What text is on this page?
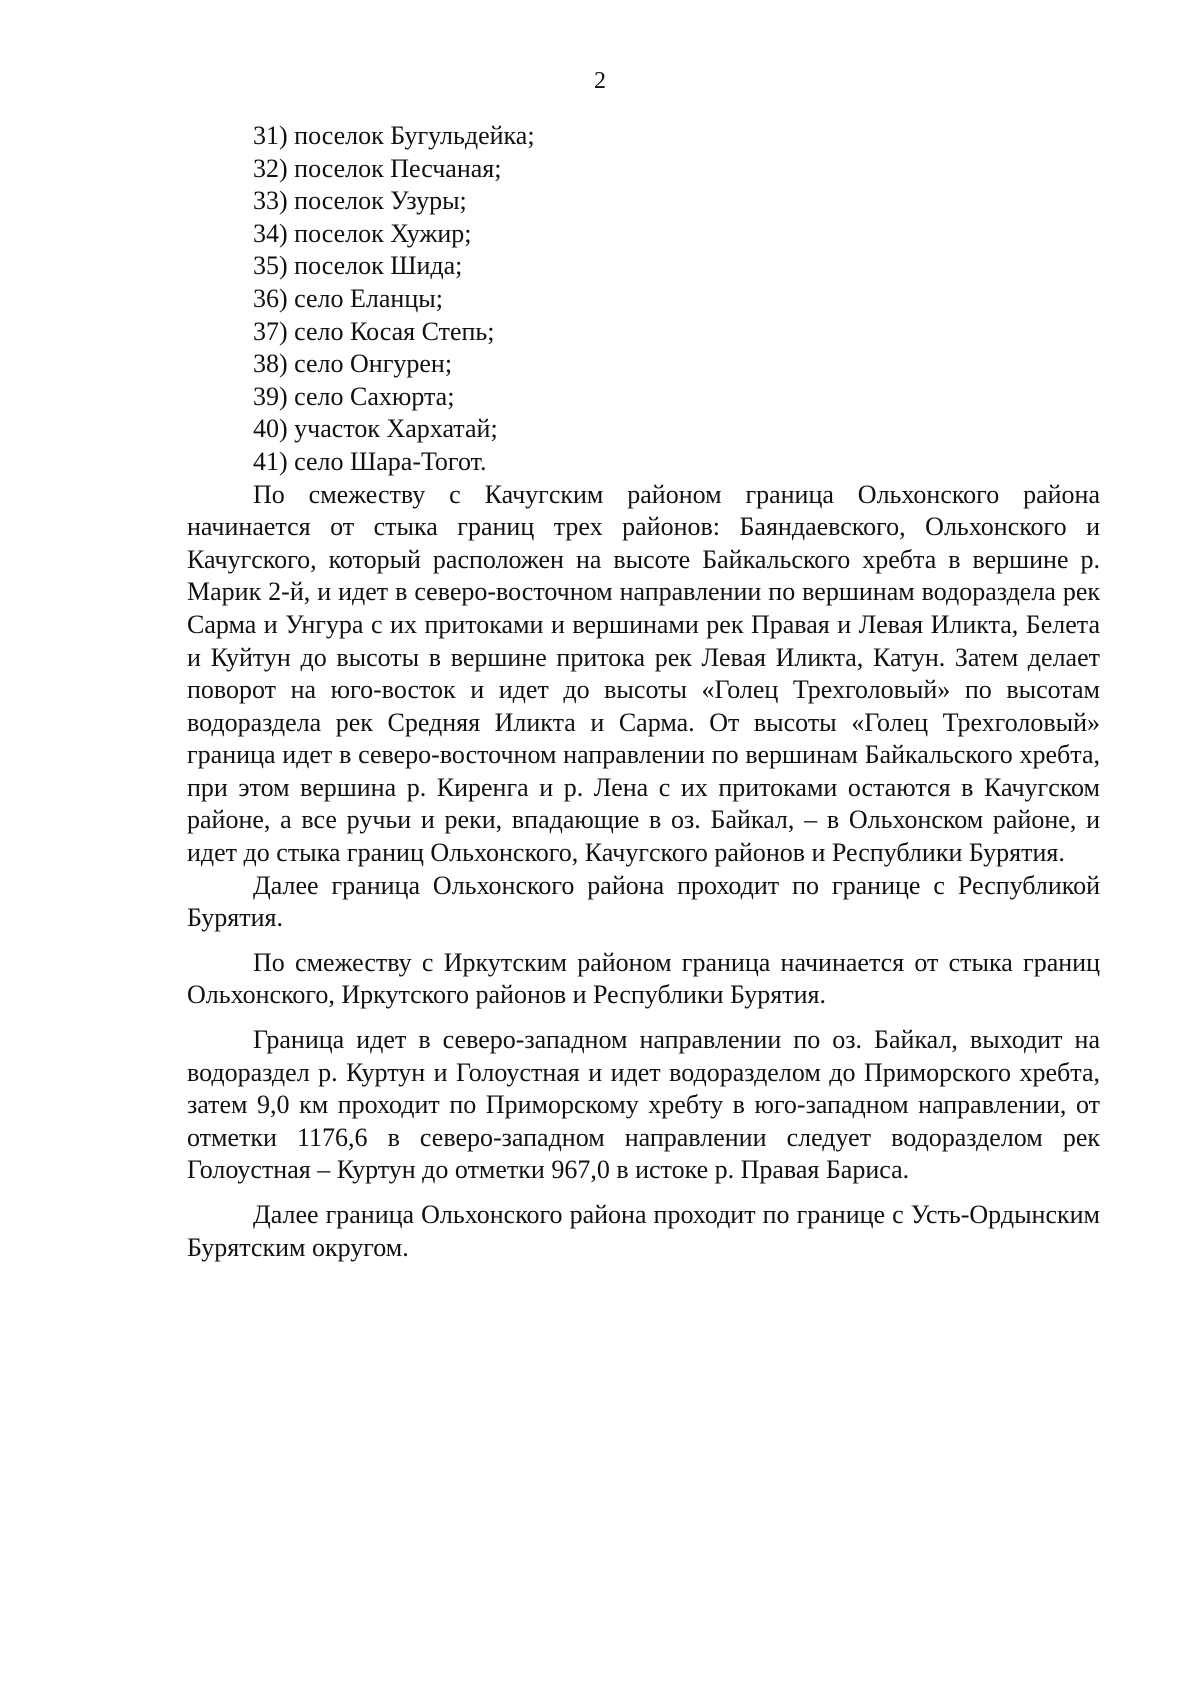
2
31) поселок Бугульдейка;
32) поселок Песчаная;
33) поселок Узуры;
34) поселок Хужир;
35) поселок Шида;
36) село Еланцы;
37) село Косая Степь;
38) село Онгурен;
39) село Сахюрта;
40) участок Хархатай;
41) село Шара-Тогот.

По смежеству с Качугским районом граница Ольхонского района начинается от стыка границ трех районов: Баяндаевского, Ольхонского и Качугского, который расположен на высоте Байкальского хребта в вершине р. Марик 2-й, и идет в северо-восточном направлении по вершинам водораздела рек Сарма и Унгура с их притоками и вершинами рек Правая и Левая Иликта, Белета и Куйтун до высоты в вершине притока рек Левая Иликта, Катун. Затем делает поворот на юго-восток и идет до высоты «Голец Трехголовый» по высотам водораздела рек Средняя Иликта и Сарма. От высоты «Голец Трехголовый» граница идет в северо-восточном направлении по вершинам Байкальского хребта, при этом вершина р. Киренга и р. Лена с их притоками остаются в Качугском районе, а все ручьи и реки, впадающие в оз. Байкал, – в Ольхонском районе, и идет до стыка границ Ольхонского, Качугского районов и Республики Бурятия.

Далее граница Ольхонского района проходит по границе с Республикой Бурятия.

По смежеству с Иркутским районом граница начинается от стыка границ Ольхонского, Иркутского районов и Республики Бурятия.

Граница идет в северо-западном направлении по оз. Байкал, выходит на водораздел р. Куртун и Голоустная и идет водоразделом до Приморского хребта, затем 9,0 км проходит по Приморскому хребту в юго-западном направлении, от отметки 1176,6 в северо-западном направлении следует водоразделом рек Голоустная – Куртун до отметки 967,0 в истоке р. Правая Бариса.

Далее граница Ольхонского района проходит по границе с Усть-Ордынским Бурятским округом.
